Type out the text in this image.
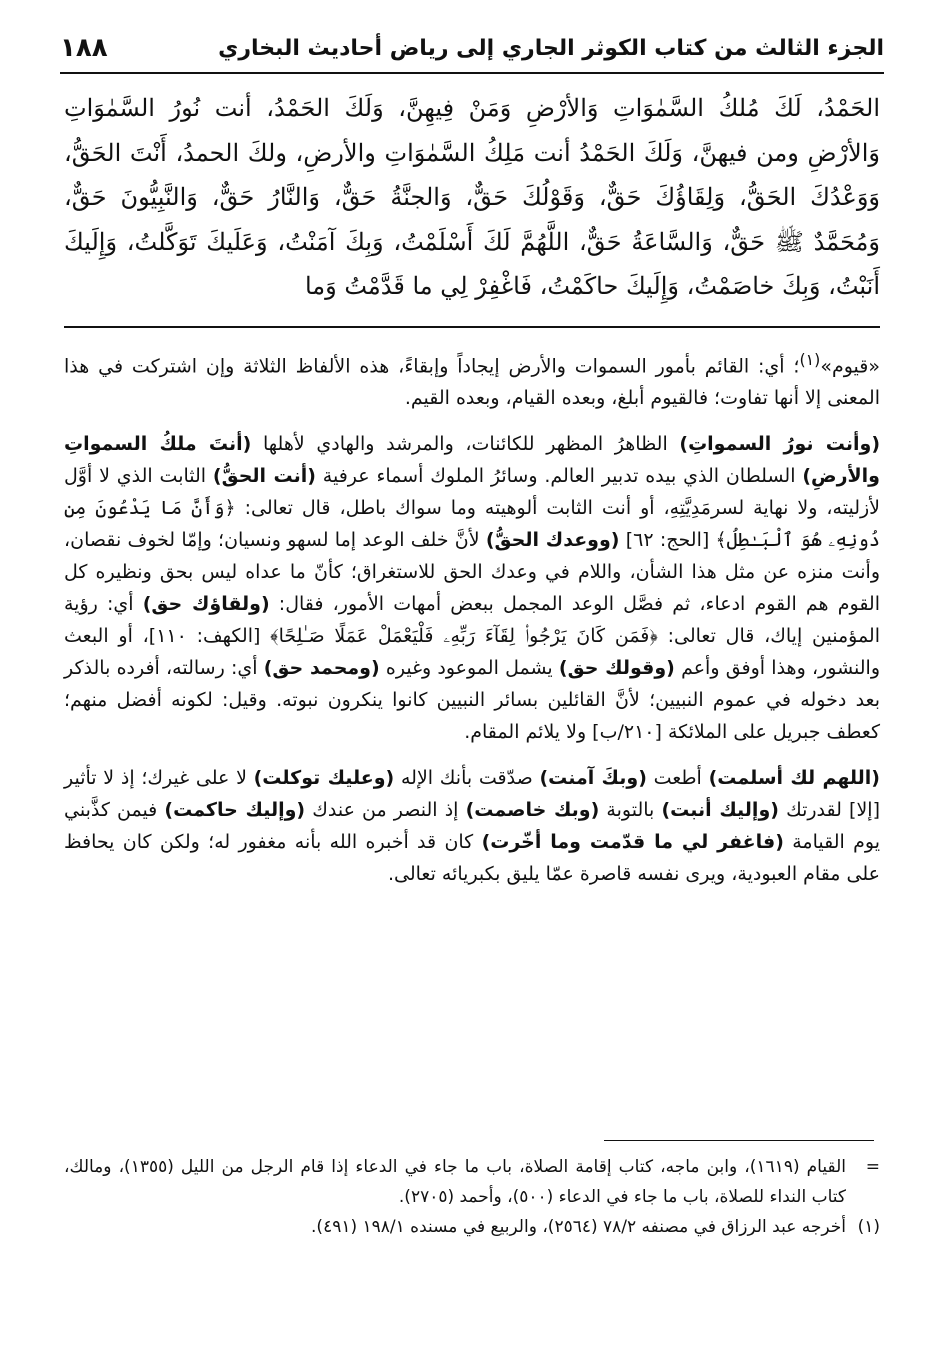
الجزء الثالث من كتاب الكوثر الجاري إلى رياض أحاديث البخاري
١٨٨

الحَمْدُ، لَكَ مُلكُ السَّمٰوَاتِ وَالأرْضِ وَمَنْ فِيهِنَّ، وَلَكَ الحَمْدُ، أنت نُورُ السَّمٰوَاتِ وَالأرْضِ ومن فيهنَّ، وَلَكَ الحَمْدُ أنت مَلِكُ السَّمٰوَاتِ والأرضِ، ولكَ الحمدُ، أَنْتَ الحَقُّ، وَوَعْدُكَ الحَقُّ، وَلِقَاؤُكَ حَقٌّ، وَقَوْلُكَ حَقٌّ، وَالجنَّةُ حَقٌّ، وَالنَّارُ حَقٌّ، وَالنَّبِيُّونَ حَقٌّ، وَمُحَمَّدٌ ﷺ حَقٌّ، وَالسَّاعَةُ حَقٌّ، اللَّهُمَّ لَكَ أَسْلَمْتُ، وَبِكَ آمَنْتُ، وَعَلَيكَ تَوَكَّلتُ، وَإِلَيكَ أَنَبْتُ، وَبِكَ خاصَمْتُ، وَإِلَيكَ حاكَمْتُ، فَاغْفِرْ لِي ما قَدَّمْتُ وَما

«قيوم»$^{(١)}$؛ أي: القائم بأمور السموات والأرض إيجاداً وإبقاءً، هذه الألفاظ الثلاثة وإن اشتركت في هذا المعنى إلا أنها تفاوت؛ فالقيوم أبلغ، وبعده القيام، وبعده القيم.

(وأنت نورُ السمواتِ) الظاهرُ المظهر للكائنات، والمرشد والهادي لأهلها (أنتَ ملكُ السمواتِ والأرضِ) السلطان الذي بيده تدبير العالم. وسائرُ الملوك أسماء عرفية (أنت الحقُّ) الثابت الذي لا أوَّل لأزليته، ولا نهاية لسرمَدِيَّتِهِ، أو أنت الثابت ألوهيته وما سواك باطل، قال تعالى: ﴿وَأَنَّ مَا يَدْعُونَ مِن دُونِهِۦ هُوَ ٱلْبَـٰطِلُ﴾ [الحج: ٦٢] (ووعدك الحقُّ) لأنَّ خلف الوعد إما لسهو ونسيان؛ وإمّا لخوف نقصان، وأنت منزه عن مثل هذا الشأن، واللام في وعدك الحق للاستغراق؛ كأنّ ما عداه ليس بحق ونظيره كل القوم هم القوم ادعاء، ثم فصَّل الوعد المجمل ببعض أمهات الأمور، فقال: (ولقاؤك حق) أي: رؤية المؤمنين إياك، قال تعالى: ﴿فَمَن كَانَ يَرْجُوا۟ لِقَآءَ رَبِّهِۦ فَلْيَعْمَلْ عَمَلًا صَـٰلِحًا﴾ [الكهف: ١١٠]، أو البعث والنشور، وهذا أوفق وأعم (وقولك حق) يشمل الموعود وغيره (ومحمد حق) أي: رسالته، أفرده بالذكر بعد دخوله في عموم النبيين؛ لأنَّ القائلين بسائر النبيين كانوا ينكرون نبوته. وقيل: لكونه أفضل منهم؛ كعطف جبريل على الملائكة [٢١٠/ب] ولا يلائم المقام.

(اللهم لك أسلمت) أطعت (وبكَ آمنت) صدّقت بأنك الإله (وعليك توكلت) لا على غيرك؛ إذ لا تأثير [إلا] لقدرتك (وإليك أنبت) بالتوبة (وبك خاصمت) إذ النصر من عندك (وإليك حاكمت) فيمن كذَّبني يوم القيامة (فاغفر لي ما قدّمت وما أخّرت) كان قد أخبره الله بأنه مغفور له؛ ولكن كان يحافظ على مقام العبودية، ويرى نفسه قاصرة عمّا يليق بكبريائه تعالى.

=
القيام (١٦١٩)، وابن ماجه، كتاب إقامة الصلاة، باب ما جاء في الدعاء إذا قام الرجل من الليل (١٣٥٥)، ومالك، كتاب النداء للصلاة، باب ما جاء في الدعاء (٥٠٠)، وأحمد (٢٧٠٥).
(١)
أخرجه عبد الرزاق في مصنفه ٧٨/٢ (٢٥٦٤)، والربيع في مسنده ١٩٨/١ (٤٩١).
